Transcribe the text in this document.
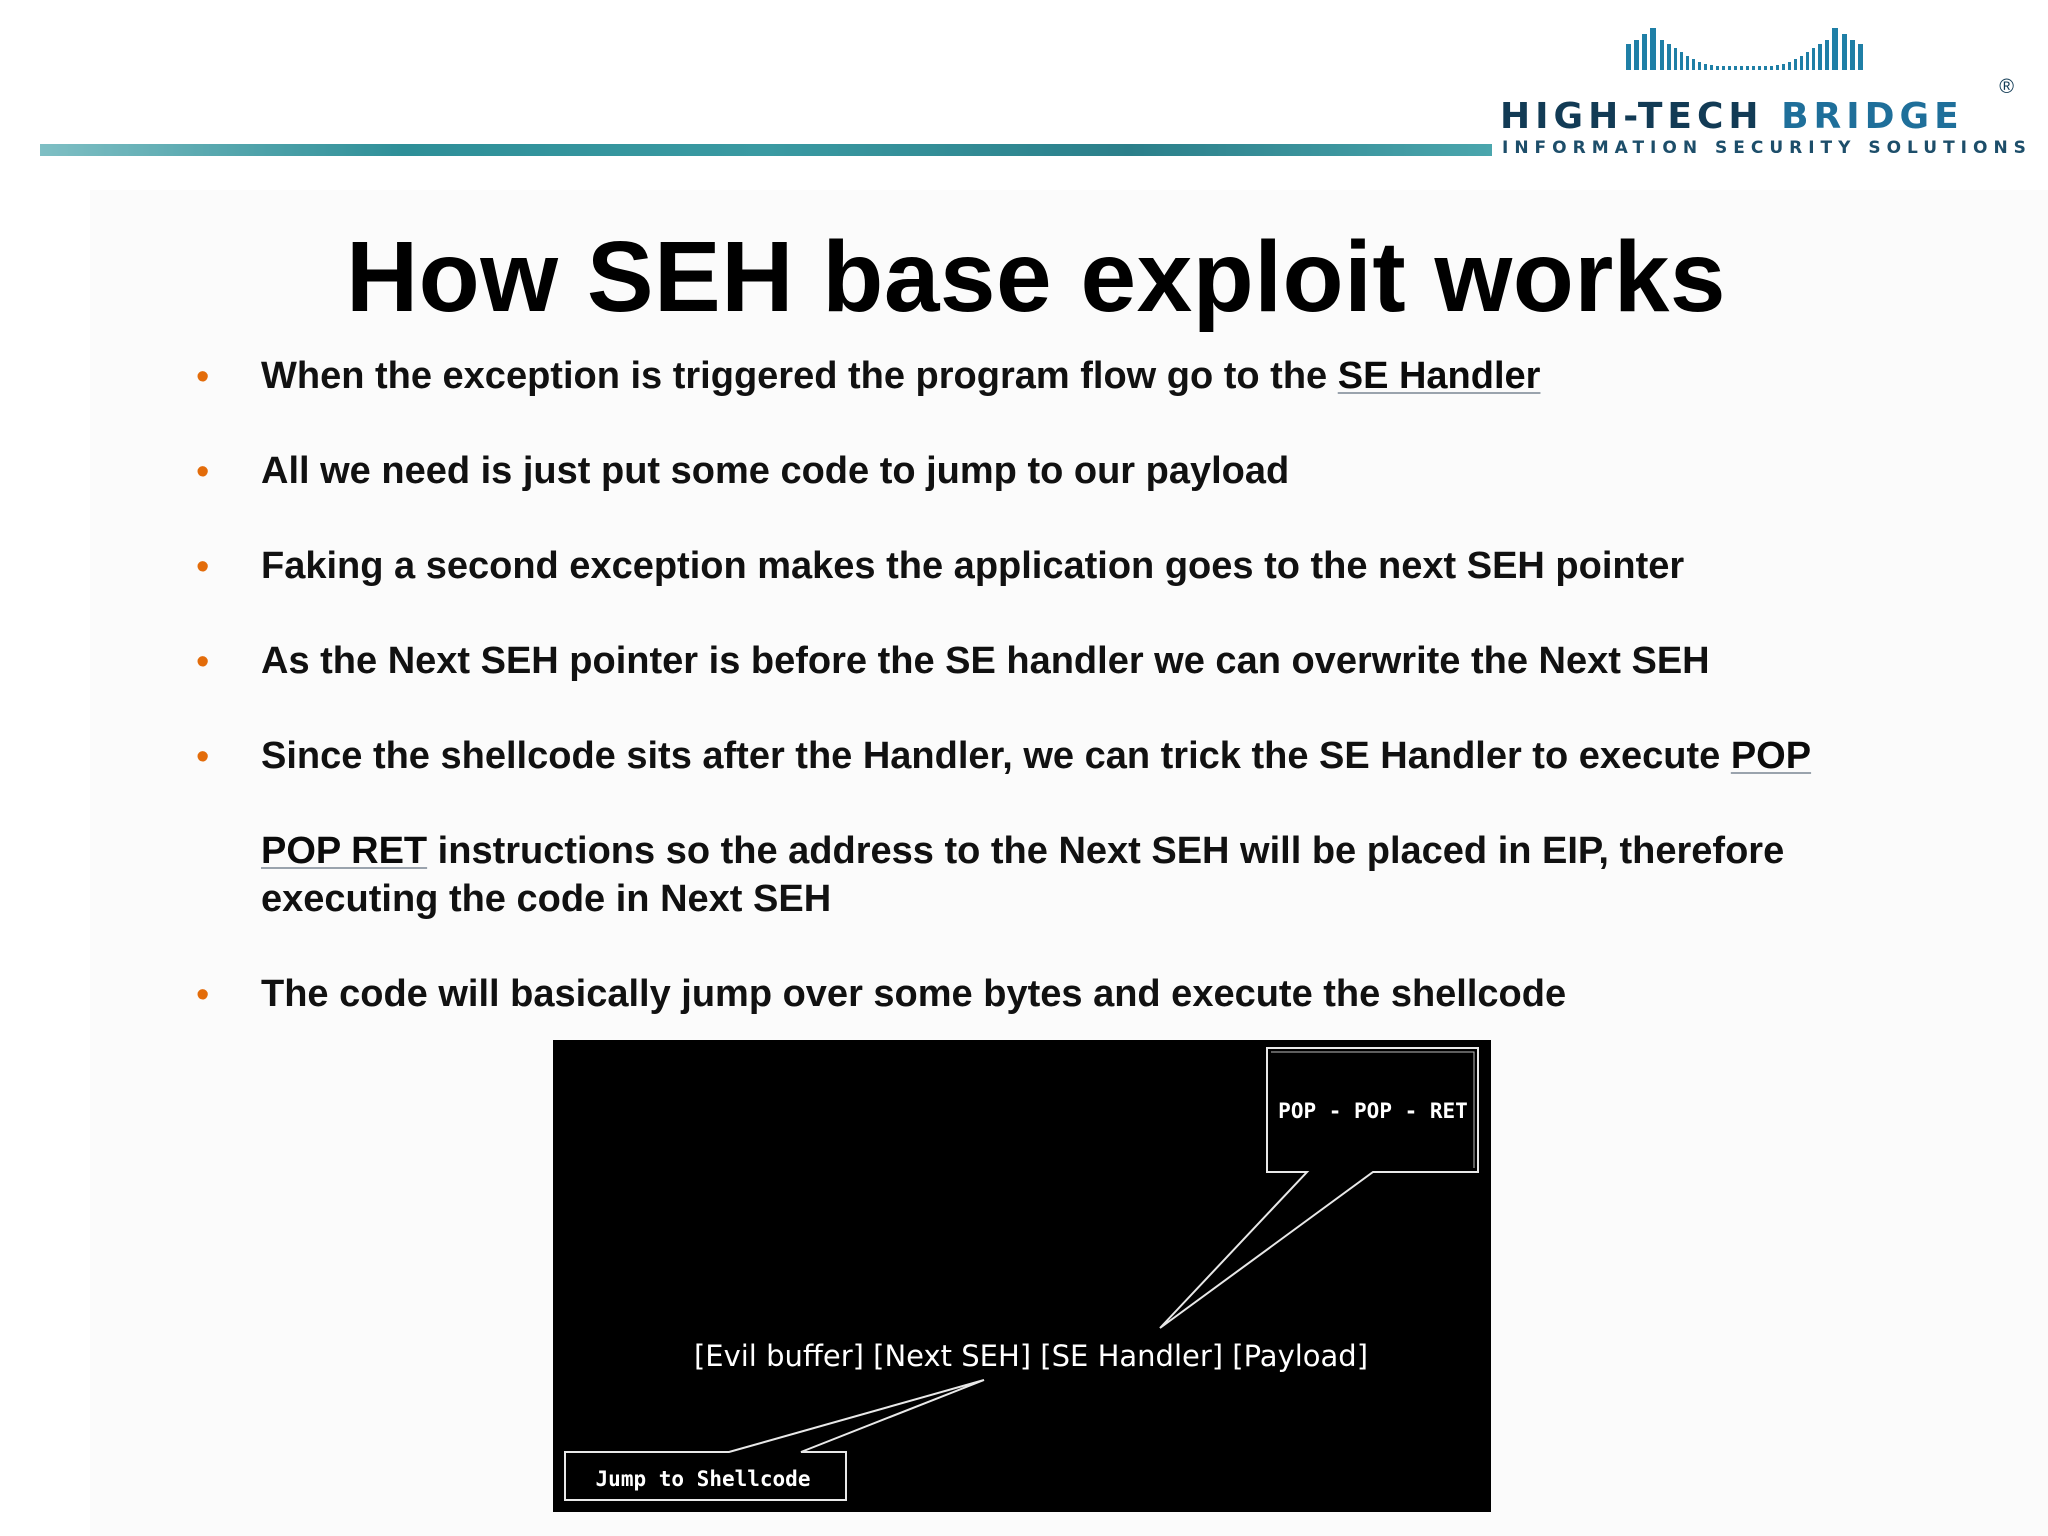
HIGH-TECH BRIDGE
®
INFORMATION SECURITY SOLUTIONS
How SEH base exploit works
• When the exception is triggered the program flow go to the SE Handler
• All we need is just put some code to jump to our payload
• Faking a second exception makes the application goes to the next SEH pointer
• As the Next SEH pointer is before the SE handler we can overwrite the Next SEH
• Since the shellcode sits after the Handler, we can trick the SE Handler to execute POP
POP RET instructions so the address to the Next SEH will be placed in EIP, therefore
executing the code in Next SEH
• The code will basically jump over some bytes and execute the shellcode
POP - POP - RET
[Evil buffer] [Next SEH] [SE Handler] [Payload]
Jump to Shellcode
